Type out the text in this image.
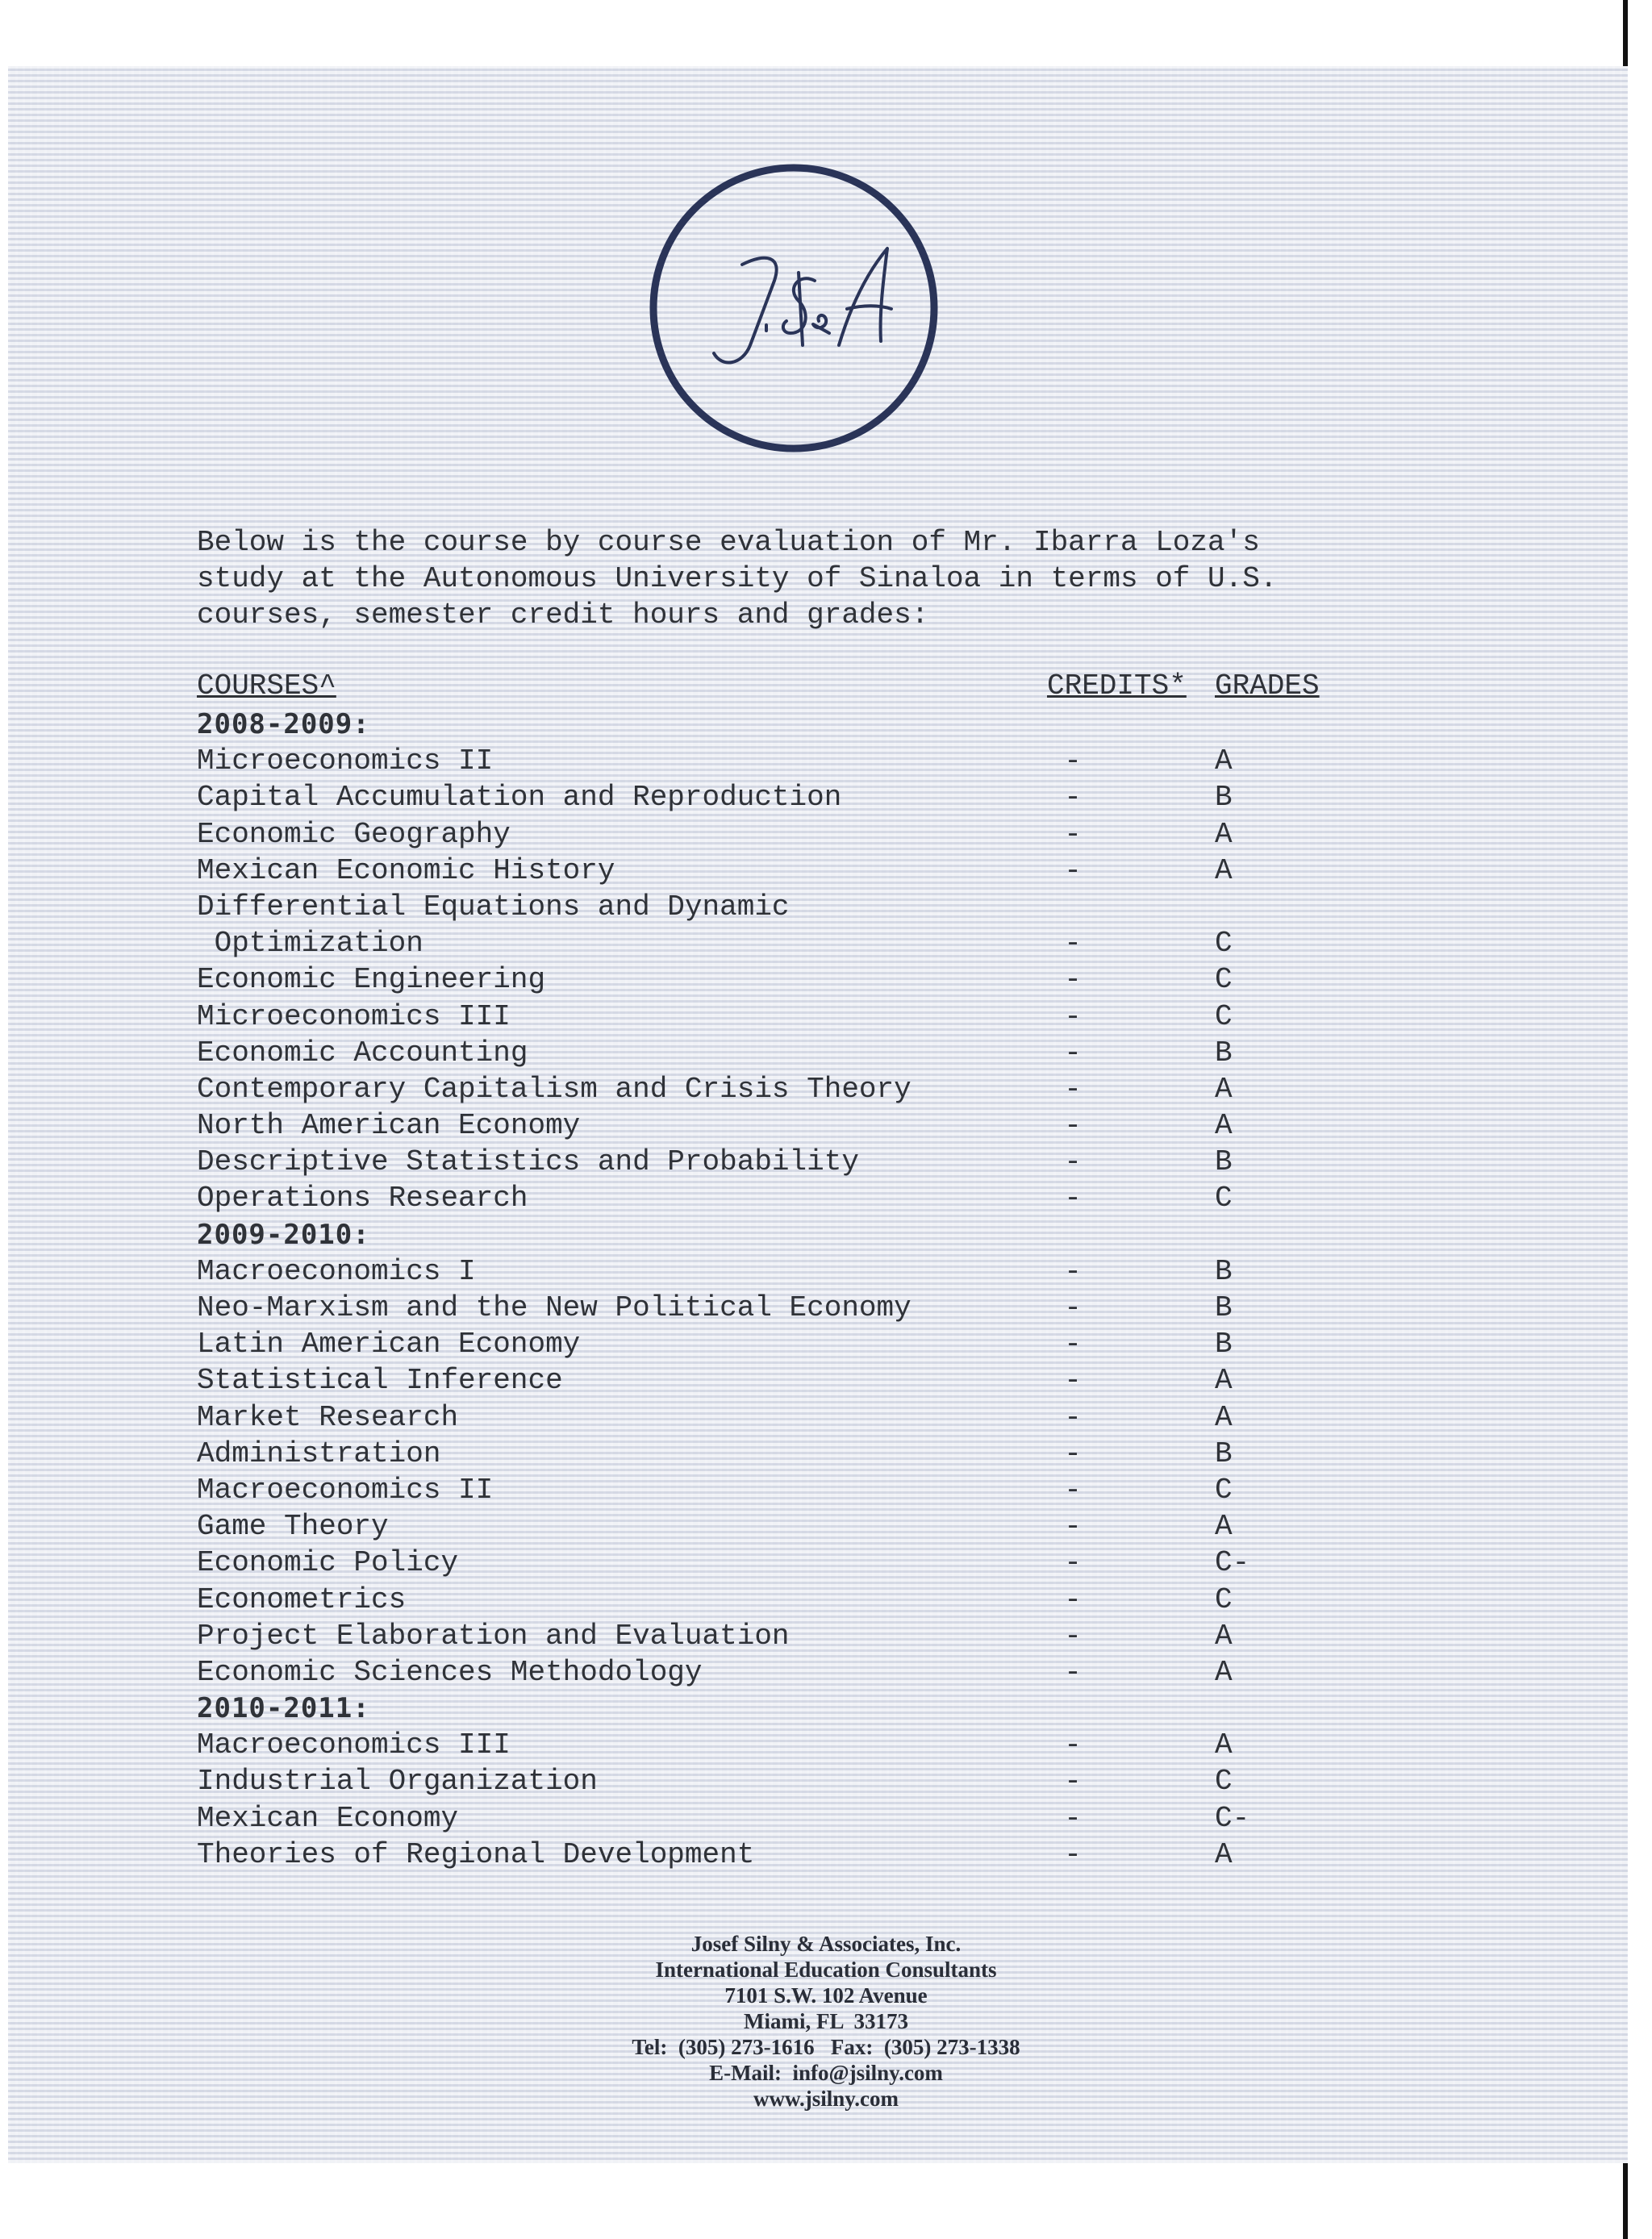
Below is the course by course evaluation of Mr. Ibarra Loza's
study at the Autonomous University of Sinaloa in terms of U.S.
courses, semester credit hours and grades:
COURSES^	CREDITS* GRADES
2008-2009:
Microeconomics II	-	A
Capital Accumulation and Reproduction	-	B
Economic Geography	-	A
Mexican Economic History	-	A
Differential Equations and Dynamic
Optimization	-	C
Economic Engineering	-	C
Microeconomics III	-	C
Economic Accounting	-	B
Contemporary Capitalism and Crisis Theory	-	A
North American Economy	-	A
Descriptive Statistics and Probability	-	B
Operations Research	-	C
2009-2010:
Macroeconomics I	-	B
Neo-Marxism and the New Political Economy	-	B
Latin American Economy	-	B
Statistical Inference	-	A
Market Research	-	A
Administration	-	B
Macroeconomics II	-	C
Game Theory	-	A
Economic Policy	-	C-
Econometrics	-	C
Project Elaboration and Evaluation	-	A
Economic Sciences Methodology	-	A
2010-2011:
Macroeconomics III	-	A
Industrial Organization	-	C
Mexican Economy	-	C-
Theories of Regional Development	-	A
Josef Silny & Associates, Inc.
International Education Consultants
7101 S.W. 102 Avenue
Miami, FL  33173
Tel:  (305) 273-1616   Fax:  (305) 273-1338
E-Mail:  info@jsilny.com
www.jsilny.com
